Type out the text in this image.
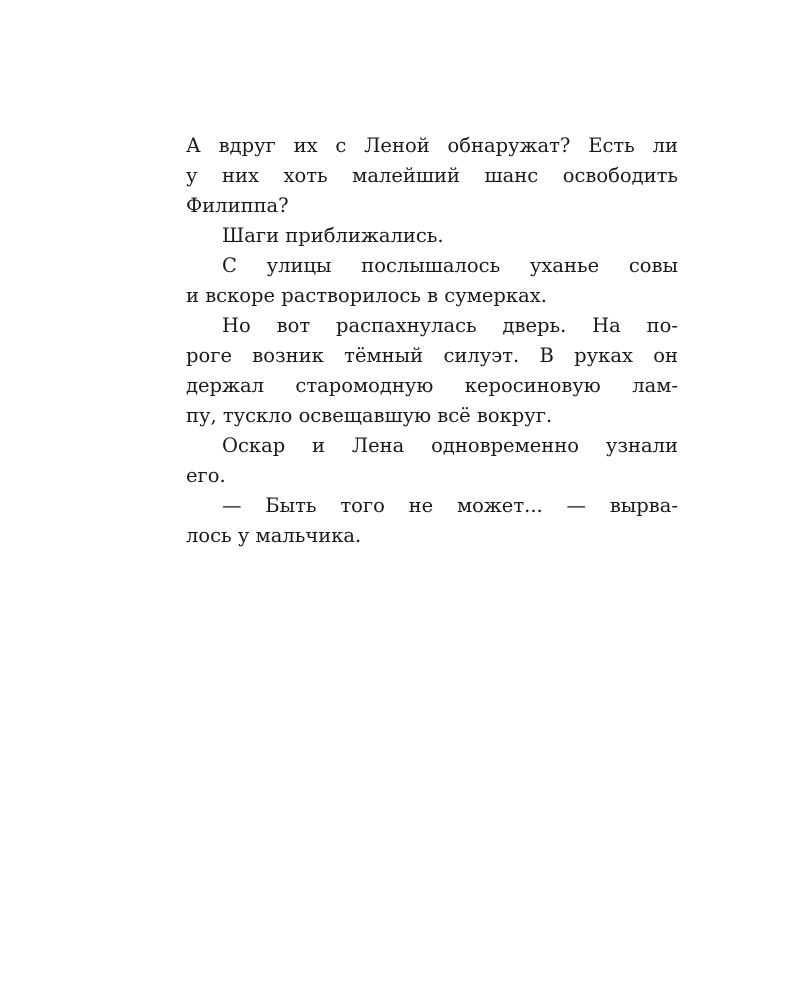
А вдруг их с Леной обнаружат? Есть ли
у них хоть малейший шанс освободить
Филиппа?
Шаги приближались.
С улицы послышалось уханье совы
и вскоре растворилось в сумерках.
Но вот распахнулась дверь. На по-
роге возник тёмный силуэт. В руках он
держал старомодную керосиновую лам-
пу, тускло освещавшую всё вокруг.
Оскар и Лена одновременно узнали
его.
— Быть того не может... — вырва-
лось у мальчика.
